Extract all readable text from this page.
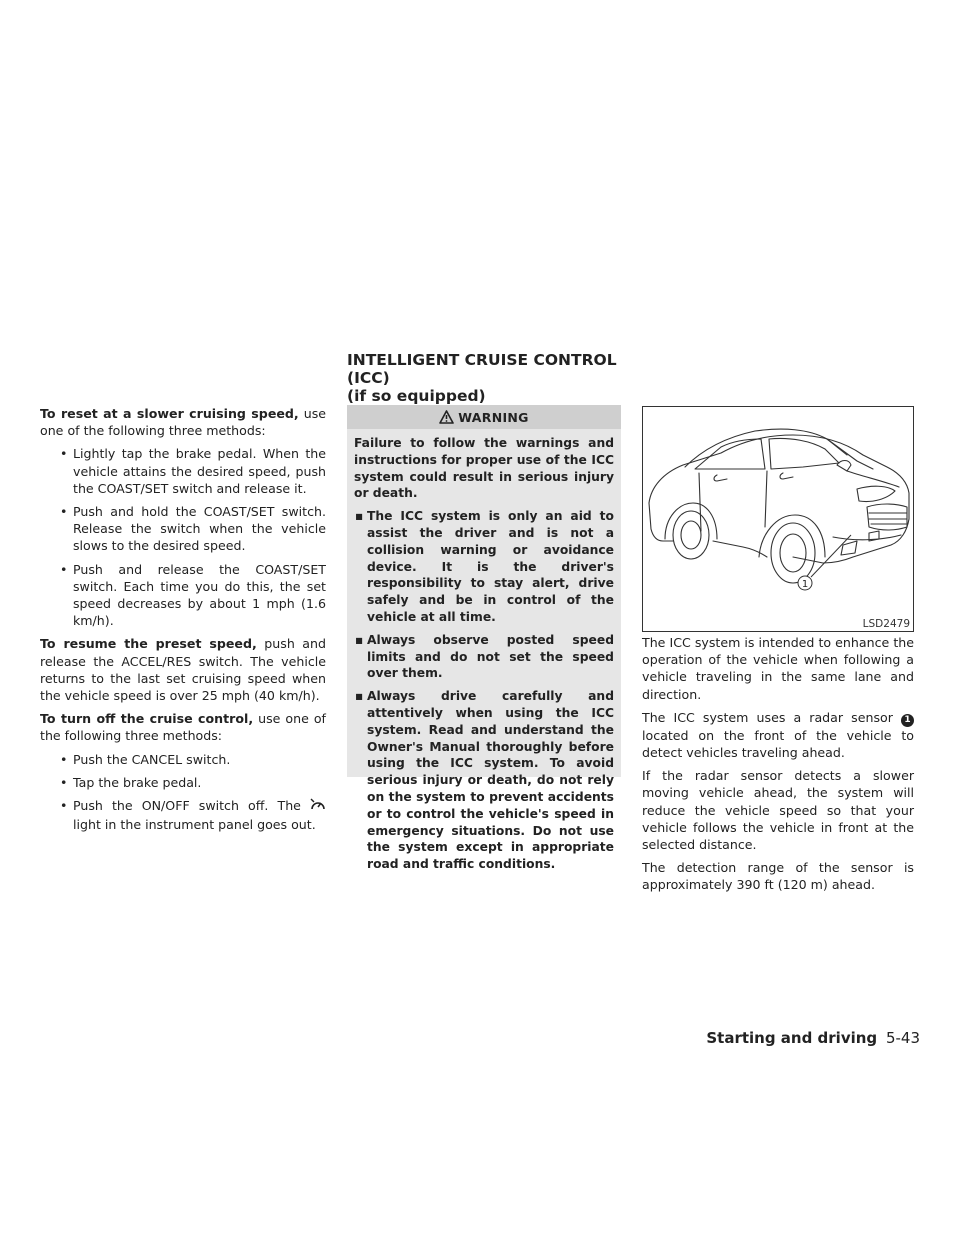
INTELLIGENT CRUISE CONTROL (ICC)
(if so equipped)

To reset at a slower cruising speed, use one of the following three methods:

• Lightly tap the brake pedal. When the vehicle attains the desired speed, push the COAST/SET switch and release it.
• Push and hold the COAST/SET switch. Release the switch when the vehicle slows to the desired speed.
• Push and release the COAST/SET switch. Each time you do this, the set speed decreases by about 1 mph (1.6 km/h).

To resume the preset speed, push and release the ACCEL/RES switch. The vehicle returns to the last set cruising speed when the vehicle speed is over 25 mph (40 km/h).

To turn off the cruise control, use one of the following three methods:

• Push the CANCEL switch.
• Tap the brake pedal.
• Push the ON/OFF switch off. The  light in the instrument panel goes out.
WARNING

Failure to follow the warnings and instructions for proper use of the ICC system could result in serious injury or death.

▪ The ICC system is only an aid to assist the driver and is not a collision warning or avoidance device. It is the driver's responsibility to stay alert, drive safely and be in control of the vehicle at all time.
▪ Always observe posted speed limits and do not set the speed over them.
▪ Always drive carefully and attentively when using the ICC system. Read and understand the Owner's Manual thoroughly before using the ICC system. To avoid serious injury or death, do not rely on the system to prevent accidents or to control the vehicle's speed in emergency situations. Do not use the system except in appropriate road and traffic conditions.
1
LSD2479

The ICC system is intended to enhance the operation of the vehicle when following a vehicle traveling in the same lane and direction.

The ICC system uses a radar sensor 1 located on the front of the vehicle to detect vehicles traveling ahead.

If the radar sensor detects a slower moving vehicle ahead, the system will reduce the vehicle speed so that your vehicle follows the vehicle in front at the selected distance.

The detection range of the sensor is approximately 390 ft (120 m) ahead.

Starting and driving 5-43
